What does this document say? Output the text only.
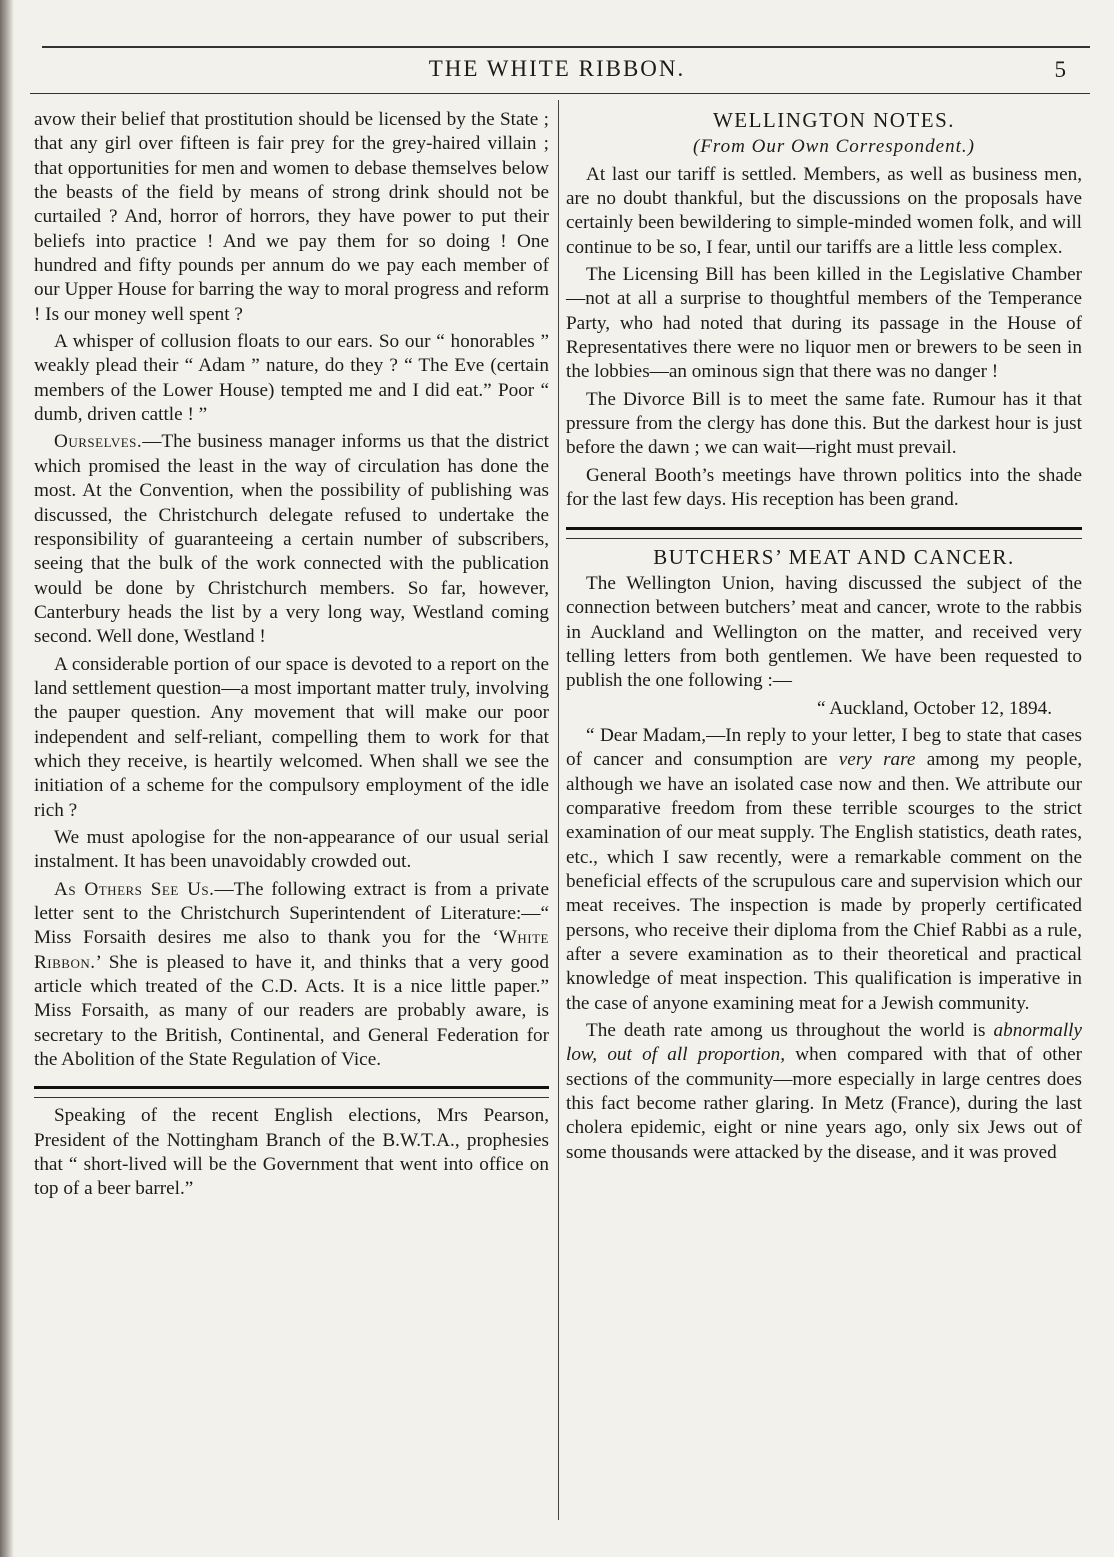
THE WHITE RIBBON.	5

avow their belief that prostitution should be licensed by the State ; that any girl over fifteen is fair prey for the grey-haired villain ; that opportunities for men and women to debase themselves below the beasts of the field by means of strong drink should not be curtailed ? And, horror of horrors, they have power to put their beliefs into practice ! And we pay them for so doing ! One hundred and fifty pounds per annum do we pay each member of our Upper House for barring the way to moral progress and reform ! Is our money well spent ?

A whisper of collusion floats to our ears. So our “ honorables ” weakly plead their “ Adam ” nature, do they ? “ The Eve (certain members of the Lower House) tempted me and I did eat.” Poor “ dumb, driven cattle ! ”

Ourselves.—The business manager informs us that the district which promised the least in the way of circulation has done the most. At the Convention, when the possibility of publishing was discussed, the Christchurch delegate refused to undertake the responsibility of guaranteeing a certain number of subscribers, seeing that the bulk of the work connected with the publication would be done by Christchurch members. So far, however, Canterbury heads the list by a very long way, Westland coming second. Well done, Westland !

A considerable portion of our space is devoted to a report on the land settlement question—a most important matter truly, involving the pauper question. Any movement that will make our poor independent and self-reliant, compelling them to work for that which they receive, is heartily welcomed. When shall we see the initiation of a scheme for the compulsory employment of the idle rich ?

We must apologise for the non-appearance of our usual serial instalment. It has been unavoidably crowded out.

As Others See Us.—The following extract is from a private letter sent to the Christchurch Superintendent of Literature:—“ Miss Forsaith desires me also to thank you for the ‘White Ribbon.’ She is pleased to have it, and thinks that a very good article which treated of the C.D. Acts. It is a nice little paper.” Miss Forsaith, as many of our readers are probably aware, is secretary to the British, Continental, and General Federation for the Abolition of the State Regulation of Vice.

Speaking of the recent English elections, Mrs Pearson, President of the Nottingham Branch of the B.W.T.A., prophesies that “ short-lived will be the Government that went into office on top of a beer barrel.”

WELLINGTON NOTES.

(From Our Own Correspondent.)

At last our tariff is settled. Members, as well as business men, are no doubt thankful, but the discussions on the proposals have certainly been bewildering to simple-minded women folk, and will continue to be so, I fear, until our tariffs are a little less complex.

The Licensing Bill has been killed in the Legislative Chamber—not at all a surprise to thoughtful members of the Temperance Party, who had noted that during its passage in the House of Representatives there were no liquor men or brewers to be seen in the lobbies—an ominous sign that there was no danger !

The Divorce Bill is to meet the same fate. Rumour has it that pressure from the clergy has done this. But the darkest hour is just before the dawn ; we can wait—right must prevail.

General Booth’s meetings have thrown politics into the shade for the last few days. His reception has been grand.

BUTCHERS’ MEAT AND CANCER.

The Wellington Union, having discussed the subject of the connection between butchers’ meat and cancer, wrote to the rabbis in Auckland and Wellington on the matter, and received very telling letters from both gentlemen. We have been requested to publish the one following :—

“ Auckland, October 12, 1894.

“ Dear Madam,—In reply to your letter, I beg to state that cases of cancer and consumption are very rare among my people, although we have an isolated case now and then. We attribute our comparative freedom from these terrible scourges to the strict examination of our meat supply. The English statistics, death rates, etc., which I saw recently, were a remarkable comment on the beneficial effects of the scrupulous care and supervision which our meat receives. The inspection is made by properly certificated persons, who receive their diploma from the Chief Rabbi as a rule, after a severe examination as to their theoretical and practical knowledge of meat inspection. This qualification is imperative in the case of anyone examining meat for a Jewish community.

The death rate among us throughout the world is abnormally low, out of all proportion, when compared with that of other sections of the community—more especially in large centres does this fact become rather glaring. In Metz (France), during the last cholera epidemic, eight or nine years ago, only six Jews out of some thousands were attacked by the disease, and it was proved
